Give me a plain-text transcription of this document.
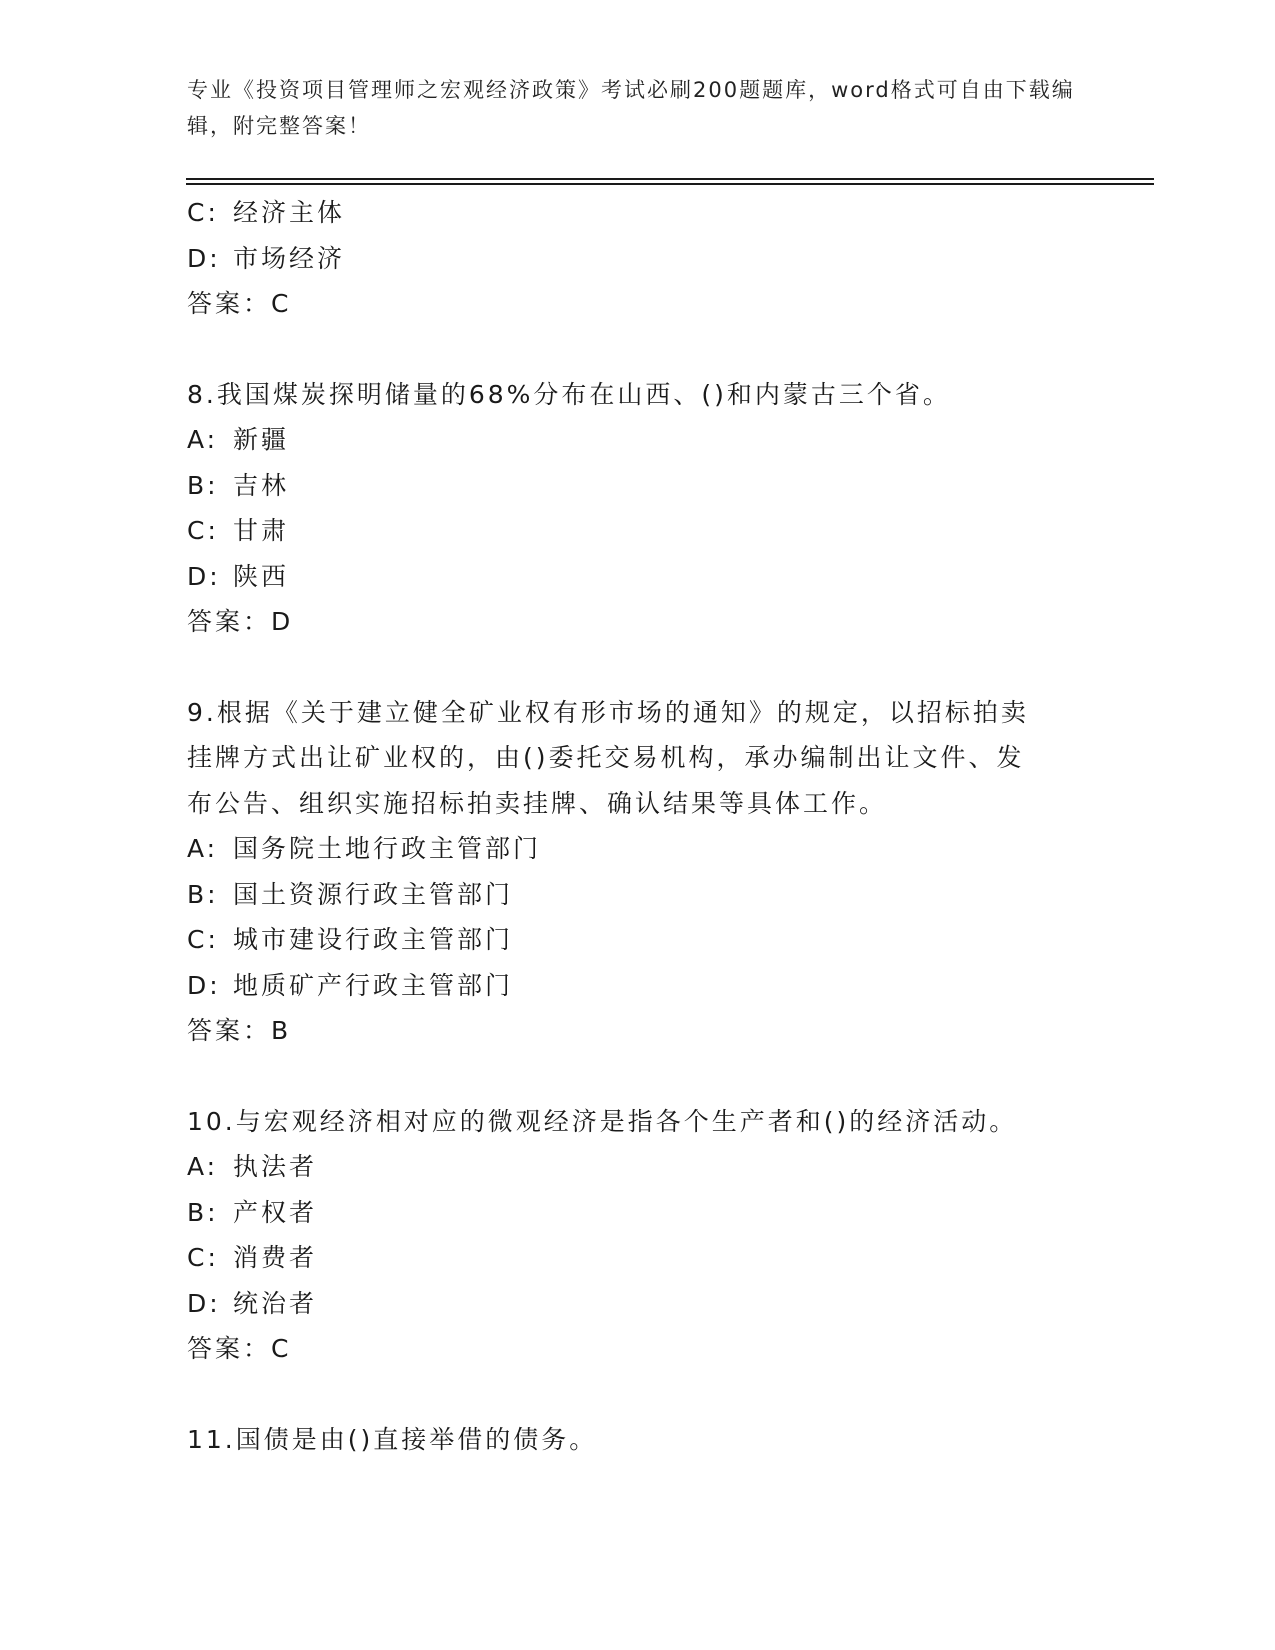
专业《投资项目管理师之宏观经济政策》考试必刷200题题库，word格式可自由下载编辑，附完整答案！
C: 经济主体
D: 市场经济
答案：C
8.我国煤炭探明储量的68%分布在山西、()和内蒙古三个省。
A: 新疆
B: 吉林
C: 甘肃
D: 陕西
答案：D
9.根据《关于建立健全矿业权有形市场的通知》的规定，以招标拍卖
挂牌方式出让矿业权的，由()委托交易机构，承办编制出让文件、发
布公告、组织实施招标拍卖挂牌、确认结果等具体工作。
A: 国务院土地行政主管部门
B: 国土资源行政主管部门
C: 城市建设行政主管部门
D: 地质矿产行政主管部门
答案：B
10.与宏观经济相对应的微观经济是指各个生产者和()的经济活动。
A: 执法者
B: 产权者
C: 消费者
D: 统治者
答案：C
11.国债是由()直接举借的债务。
